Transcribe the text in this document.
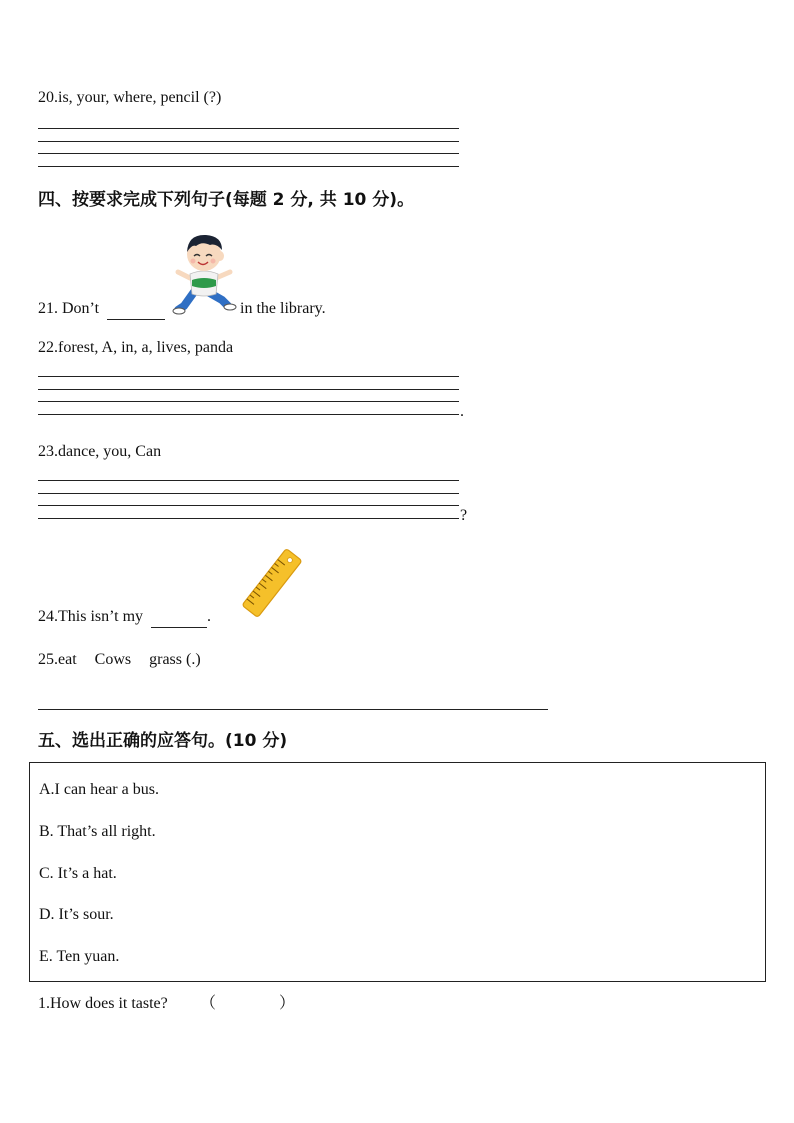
20.is, your, where, pencil (?)
四、按要求完成下列句子(每题 2 分, 共 10 分)。
21. Don’t	in the library.
22.forest, A, in, a, lives, panda
.
23.dance, you, Can
?
24.This isn’t my	.
25.eat Cows grass (.)
五、选出正确的应答句。(10 分)
A.I can hear a bus.
B. That’s all right.
C. It’s a hat.
D. It’s sour.
E. Ten yuan.
1.How does it taste? （	）
